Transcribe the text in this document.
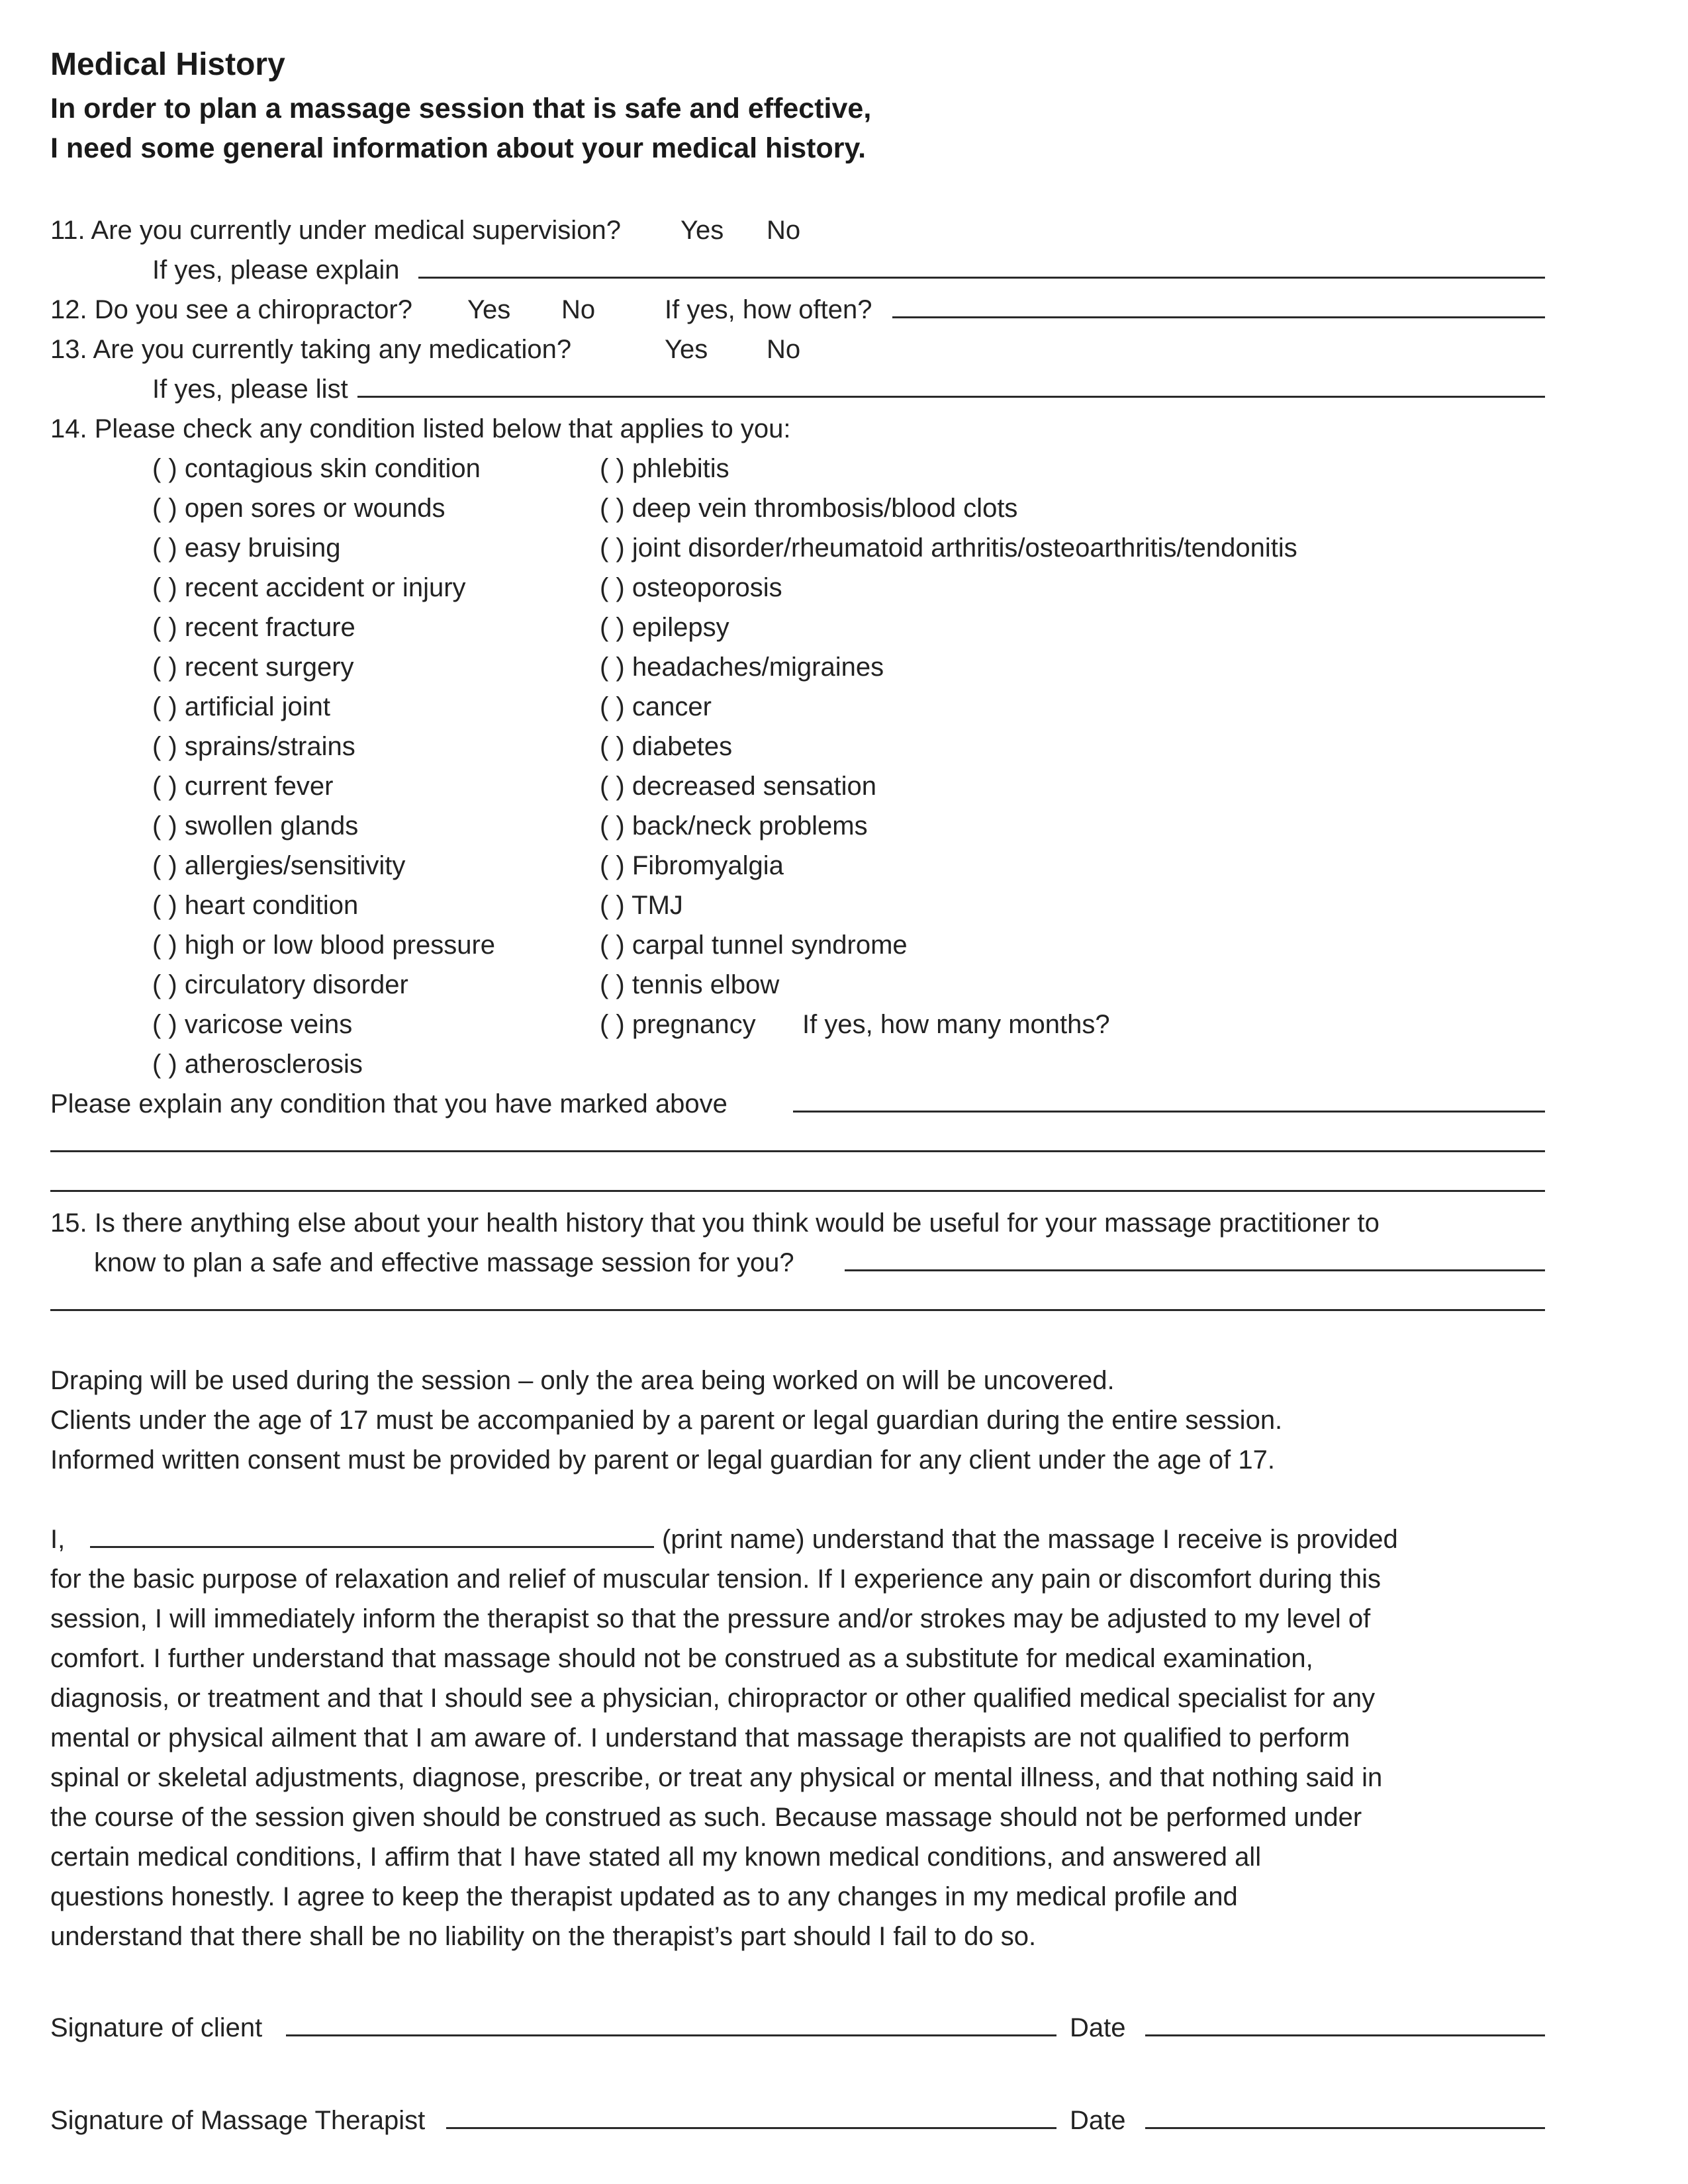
Medical History
In order to plan a massage session that is safe and effective,
I need some general information about your medical history.
11. Are you currently under medical supervision? Yes No
If yes, please explain
12. Do you see a chiropractor? Yes No	If yes, how often?
13. Are you currently taking any medication?	Yes No
If yes, please list
14. Please check any condition listed below that applies to you:
( ) contagious skin condition
( ) open sores or wounds
( ) easy bruising
( ) recent accident or injury
( ) recent fracture
( ) recent surgery
( ) artificial joint
( ) sprains/strains
( ) current fever
( ) swollen glands
( ) allergies/sensitivity
( ) heart condition
( ) high or low blood pressure
( ) circulatory disorder
( ) varicose veins
( ) atherosclerosis
( ) phlebitis
( ) deep vein thrombosis/blood clots
( ) joint disorder/rheumatoid arthritis/osteoarthritis/tendonitis
( ) osteoporosis
( ) epilepsy
( ) headaches/migraines
( ) cancer
( ) diabetes
( ) decreased sensation
( ) back/neck problems
( ) Fibromyalgia
( ) TMJ
( ) carpal tunnel syndrome
( ) tennis elbow
( ) pregnancy If yes, how many months?
Please explain any condition that you have marked above
15. Is there anything else about your health history that you think would be useful for your massage practitioner to
know to plan a safe and effective massage session for you?
Draping will be used during the session – only the area being worked on will be uncovered.
Clients under the age of 17 must be accompanied by a parent or legal guardian during the entire session.
Informed written consent must be provided by parent or legal guardian for any client under the age of 17.
I,	(print name) understand that the massage I receive is provided
for the basic purpose of relaxation and relief of muscular tension. If I experience any pain or discomfort during this
session, I will immediately inform the therapist so that the pressure and/or strokes may be adjusted to my level of
comfort. I further understand that massage should not be construed as a substitute for medical examination,
diagnosis, or treatment and that I should see a physician, chiropractor or other qualified medical specialist for any
mental or physical ailment that I am aware of. I understand that massage therapists are not qualified to perform
spinal or skeletal adjustments, diagnose, prescribe, or treat any physical or mental illness, and that nothing said in
the course of the session given should be construed as such. Because massage should not be performed under
certain medical conditions, I affirm that I have stated all my known medical conditions, and answered all
questions honestly. I agree to keep the therapist updated as to any changes in my medical profile and
understand that there shall be no liability on the therapist’s part should I fail to do so.
Signature of client	Date
Signature of Massage Therapist	Date
